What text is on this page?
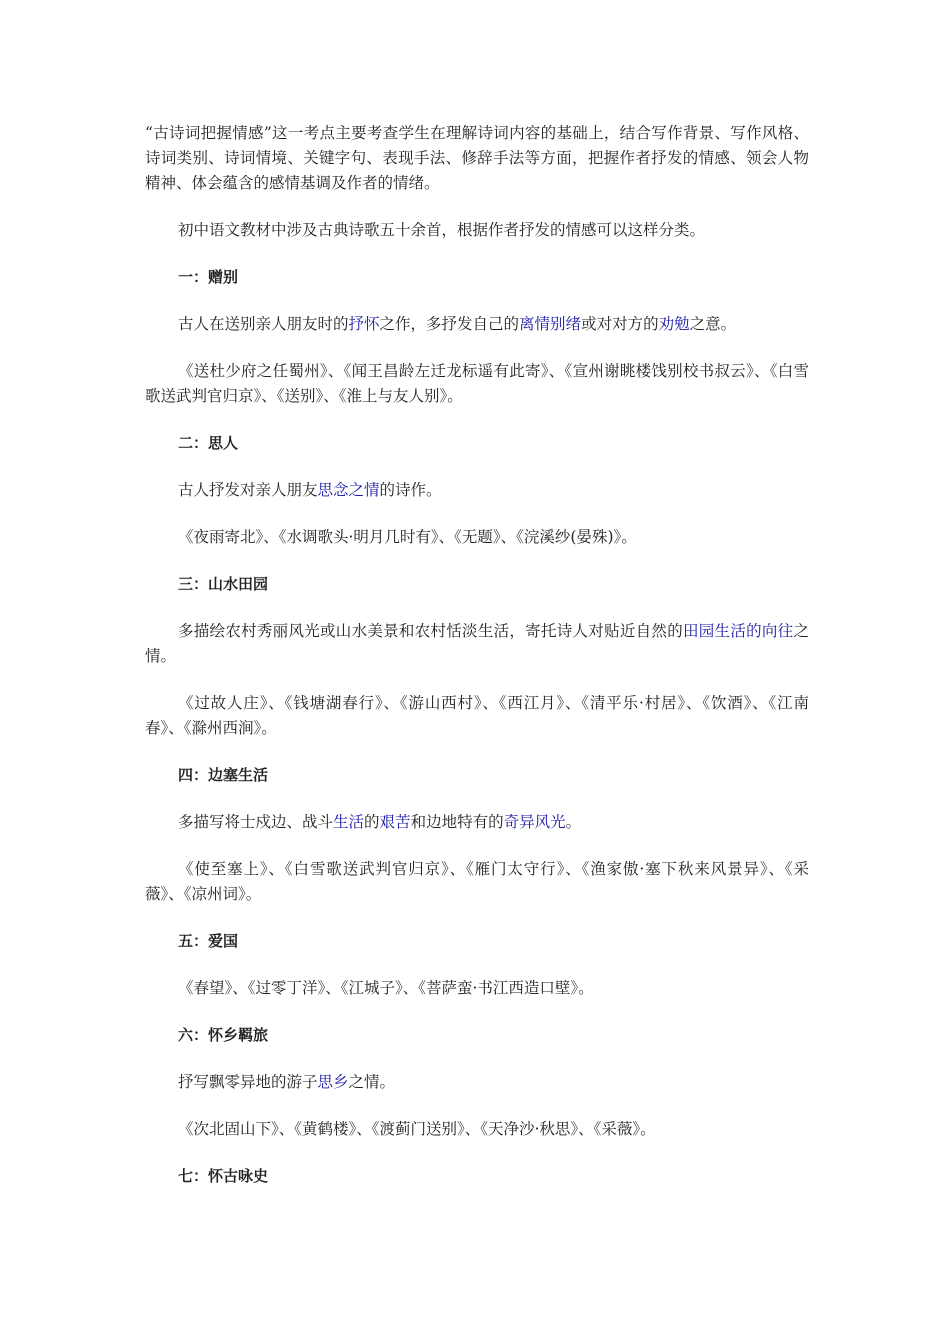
“古诗词把握情感”这一考点主要考查学生在理解诗词内容的基础上，结合写作背景、写作风格、诗词类别、诗词情境、关键字句、表现手法、修辞手法等方面，把握作者抒发的情感、领会人物精神、体会蕴含的感情基调及作者的情绪。

初中语文教材中涉及古典诗歌五十余首，根据作者抒发的情感可以这样分类。

一：赠别

古人在送别亲人朋友时的抒怀之作，多抒发自己的离情别绪或对对方的劝勉之意。

《送杜少府之任蜀州》、《闻王昌龄左迁龙标遥有此寄》、《宣州谢眺楼饯别校书叔云》、《白雪歌送武判官归京》、《送别》、《淮上与友人别》。

二：思人

古人抒发对亲人朋友思念之情的诗作。

《夜雨寄北》、《水调歌头·明月几时有》、《无题》、《浣溪纱(晏殊)》。

三：山水田园

多描绘农村秀丽风光或山水美景和农村恬淡生活，寄托诗人对贴近自然的田园生活的向往之情。

《过故人庄》、《钱塘湖春行》、《游山西村》、《西江月》、《清平乐·村居》、《饮酒》、《江南春》、《滁州西涧》。

四：边塞生活

多描写将士戍边、战斗生活的艰苦和边地特有的奇异风光。

《使至塞上》、《白雪歌送武判官归京》、《雁门太守行》、《渔家傲·塞下秋来风景异》、《采薇》、《凉州词》。

五：爱国

《春望》、《过零丁洋》、《江城子》、《菩萨蛮·书江西造口壁》。

六：怀乡羁旅

抒写飘零异地的游子思乡之情。

《次北固山下》、《黄鹤楼》、《渡蓟门送别》、《天净沙·秋思》、《采薇》。

七：怀古咏史
